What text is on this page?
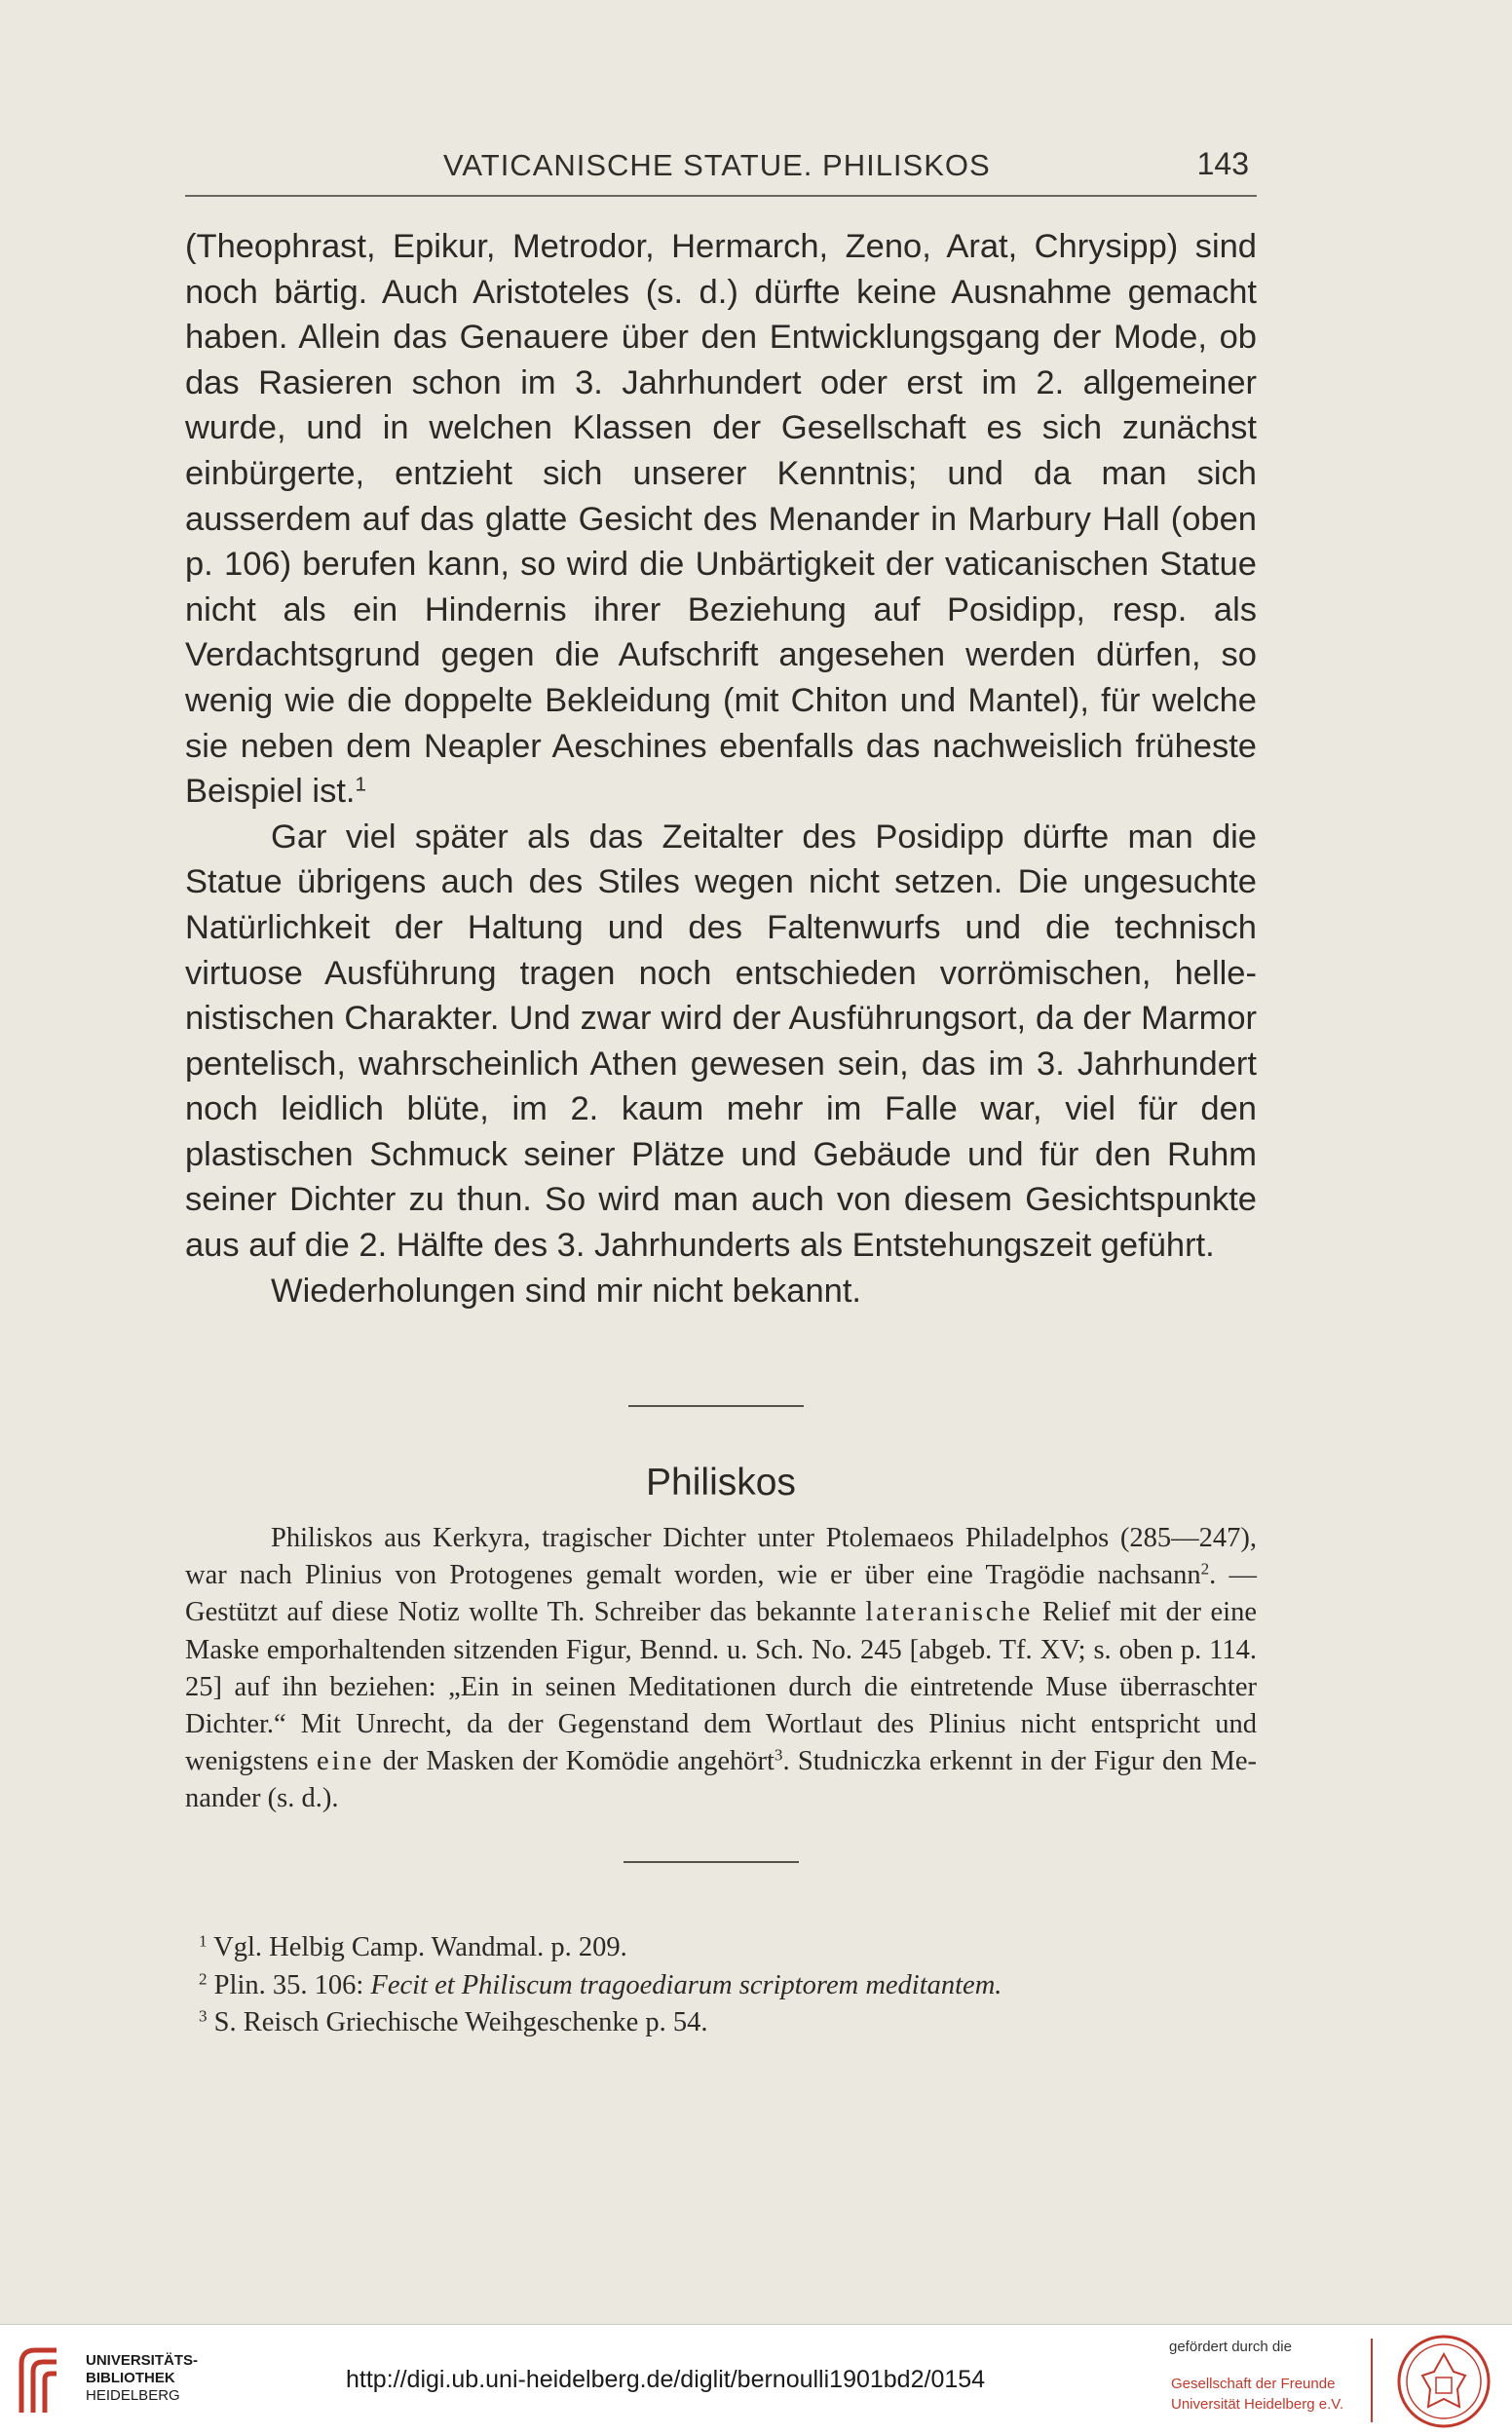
VATICANISCHE STATUE. PHILISKOS	143

(Theophrast, Epikur, Metrodor, Hermarch, Zeno, Arat, Chrysipp) sind noch bärtig. Auch Aristoteles (s. d.) dürfte keine Ausnahme gemacht haben. Allein das Genauere über den Entwicklungsgang der Mode, ob das Rasieren schon im 3. Jahrhundert oder erst im 2. allgemeiner wurde, und in welchen Klassen der Gesellschaft es sich zunächst einbürgerte, entzieht sich unserer Kenntnis; und da man sich ausserdem auf das glatte Gesicht des Menander in Marbury Hall (oben p. 106) berufen kann, so wird die Unbärtigkeit der vaticanischen Statue nicht als ein Hindernis ihrer Beziehung auf Posidipp, resp. als Verdachtsgrund gegen die Aufschrift angesehen werden dürfen, so wenig wie die doppelte Bekleidung (mit Chiton und Mantel), für welche sie neben dem Neapler Aeschines ebenfalls das nachweislich früheste Beispiel ist.$^1$

Gar viel später als das Zeitalter des Posidipp dürfte man die Statue übrigens auch des Stiles wegen nicht setzen. Die ungesuchte Natürlichkeit der Haltung und des Faltenwurfs und die technisch virtuose Ausführung tragen noch entschieden vorrömischen, hellenistischen Charakter. Und zwar wird der Ausführungsort, da der Marmor pentelisch, wahrscheinlich Athen gewesen sein, das im 3. Jahrhundert noch leidlich blüte, im 2. kaum mehr im Falle war, viel für den plastischen Schmuck seiner Plätze und Gebäude und für den Ruhm seiner Dichter zu thun. So wird man auch von diesem Gesichtspunkte aus auf die 2. Hälfte des 3. Jahrhunderts als Entstehungszeit geführt.

Wiederholungen sind mir nicht bekannt.

Philiskos

Philiskos aus Kerkyra, tragischer Dichter unter Ptolemaeos Philadelphos (285—247), war nach Plinius von Protogenes gemalt worden, wie er über eine Tragödie nachsann$^2$. — Gestützt auf diese Notiz wollte Th. Schreiber das bekannte lateranische Relief mit der eine Maske emporhaltenden sitzenden Figur, Bennd. u. Sch. No. 245 [abgeb. Tf. XV; s. oben p. 114. 25] auf ihn beziehen: „Ein in seinen Meditationen durch die eintretende Muse überraschter Dichter.“ Mit Unrecht, da der Gegenstand dem Wortlaut des Plinius nicht entspricht und wenigstens eine der Masken der Komödie angehört$^3$. Studniczka erkennt in der Figur den Menander (s. d.).

$^1$ Vgl. Helbig Camp. Wandmal. p. 209.

$^2$ Plin. 35. 106: Fecit et Philiscum tragoediarum scriptorem meditantem.

$^3$ S. Reisch Griechische Weihgeschenke p. 54.

UNIVERSITÄTS-
BIBLIOTHEK
HEIDELBERG
http://digi.ub.uni-heidelberg.de/diglit/bernoulli1901bd2/0154
gefördert durch die
Gesellschaft der Freunde
Universität Heidelberg e.V.
